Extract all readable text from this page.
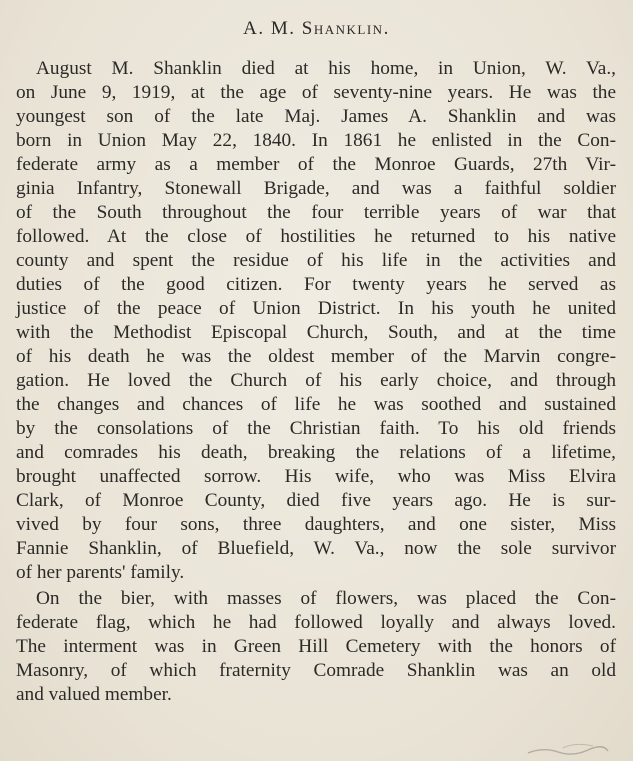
A. M. Shanklin.
August M. Shanklin died at his home, in Union, W. Va.,
on June 9, 1919, at the age of seventy-nine years. He was the
youngest son of the late Maj. James A. Shanklin and was
born in Union May 22, 1840. In 1861 he enlisted in the Con-
federate army as a member of the Monroe Guards, 27th Vir-
ginia Infantry, Stonewall Brigade, and was a faithful soldier
of the South throughout the four terrible years of war that
followed. At the close of hostilities he returned to his native
county and spent the residue of his life in the activities and
duties of the good citizen. For twenty years he served as
justice of the peace of Union District. In his youth he united
with the Methodist Episcopal Church, South, and at the time
of his death he was the oldest member of the Marvin congre-
gation. He loved the Church of his early choice, and through
the changes and chances of life he was soothed and sustained
by the consolations of the Christian faith. To his old friends
and comrades his death, breaking the relations of a lifetime,
brought unaffected sorrow. His wife, who was Miss Elvira
Clark, of Monroe County, died five years ago. He is sur-
vived by four sons, three daughters, and one sister, Miss
Fannie Shanklin, of Bluefield, W. Va., now the sole survivor
of her parents' family.
On the bier, with masses of flowers, was placed the Con-
federate flag, which he had followed loyally and always loved.
The interment was in Green Hill Cemetery with the honors of
Masonry, of which fraternity Comrade Shanklin was an old
and valued member.
